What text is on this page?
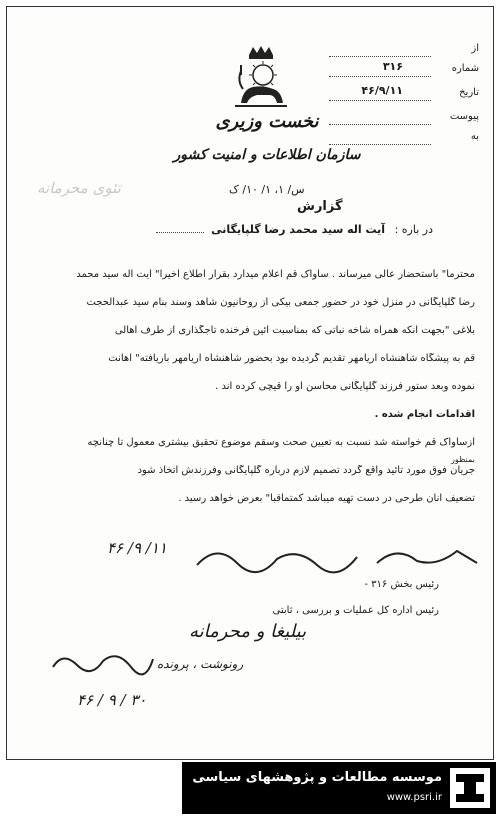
نخست وزیری
سازمان اطلاعات و امنیت کشور
س/ ۱، ۱/ ۱۰/ ک
از
شماره
۳۱۶
تاریخ
۴۶/۹/۱۱
پیوست
به
تئوی محرمانه
گزارش
در باره : آیت اله سید محمد رضا گلپایگانی
محترما" باستحضار عالی میرساند . ساواک قم اعلام میدارد بقرار اطلاع اخیرا" آیت اله سید محمد
رضا گلپایگانی در منزل خود در حضور جمعی بیکی از روحانیون شاهد وسند بنام سید عبدالحجت
بلاغی "بجهت آنکه همراه شاخه نباتی که بمناسبت آئین فرخنده تاجگذاری از طرف اهالی
قم به پیشگاه شاهنشاه آریامهر تقدیم گردیده بود بحضور شاهنشاه آریامهر باریافته" اهانت
نموده وبعد ستور فرزند گلپایگانی محاسن او را قیچی کرده اند .
اقدامات انجام شده .
ازساواک قم خواسته شد نسبت به تعیین صحت وسقم موضوع تحقیق بیشتری معمول تا چنانچه
جریان فوق مورد تائید واقع گردد تصمیم لازم درباره گلپایگانی وفرزندش اتخاذ شود
تضعیف آنان طرحی در دست تهیه میباشد کمتماقبا" بعرض خواهد رسید .
بمنظور
۱۱/ ۹/ ۴۶
رئیس بخش ۳۱۶ -
رئیس اداره کل عملیات و بررسی ، ثابتی
بیلیغا و محرمانه
رونوشت ، پرونده
۳۰ / ۹ / ۴۶
موسسه مطالعات و پژوهشهای سیاسی
www.psri.ir
